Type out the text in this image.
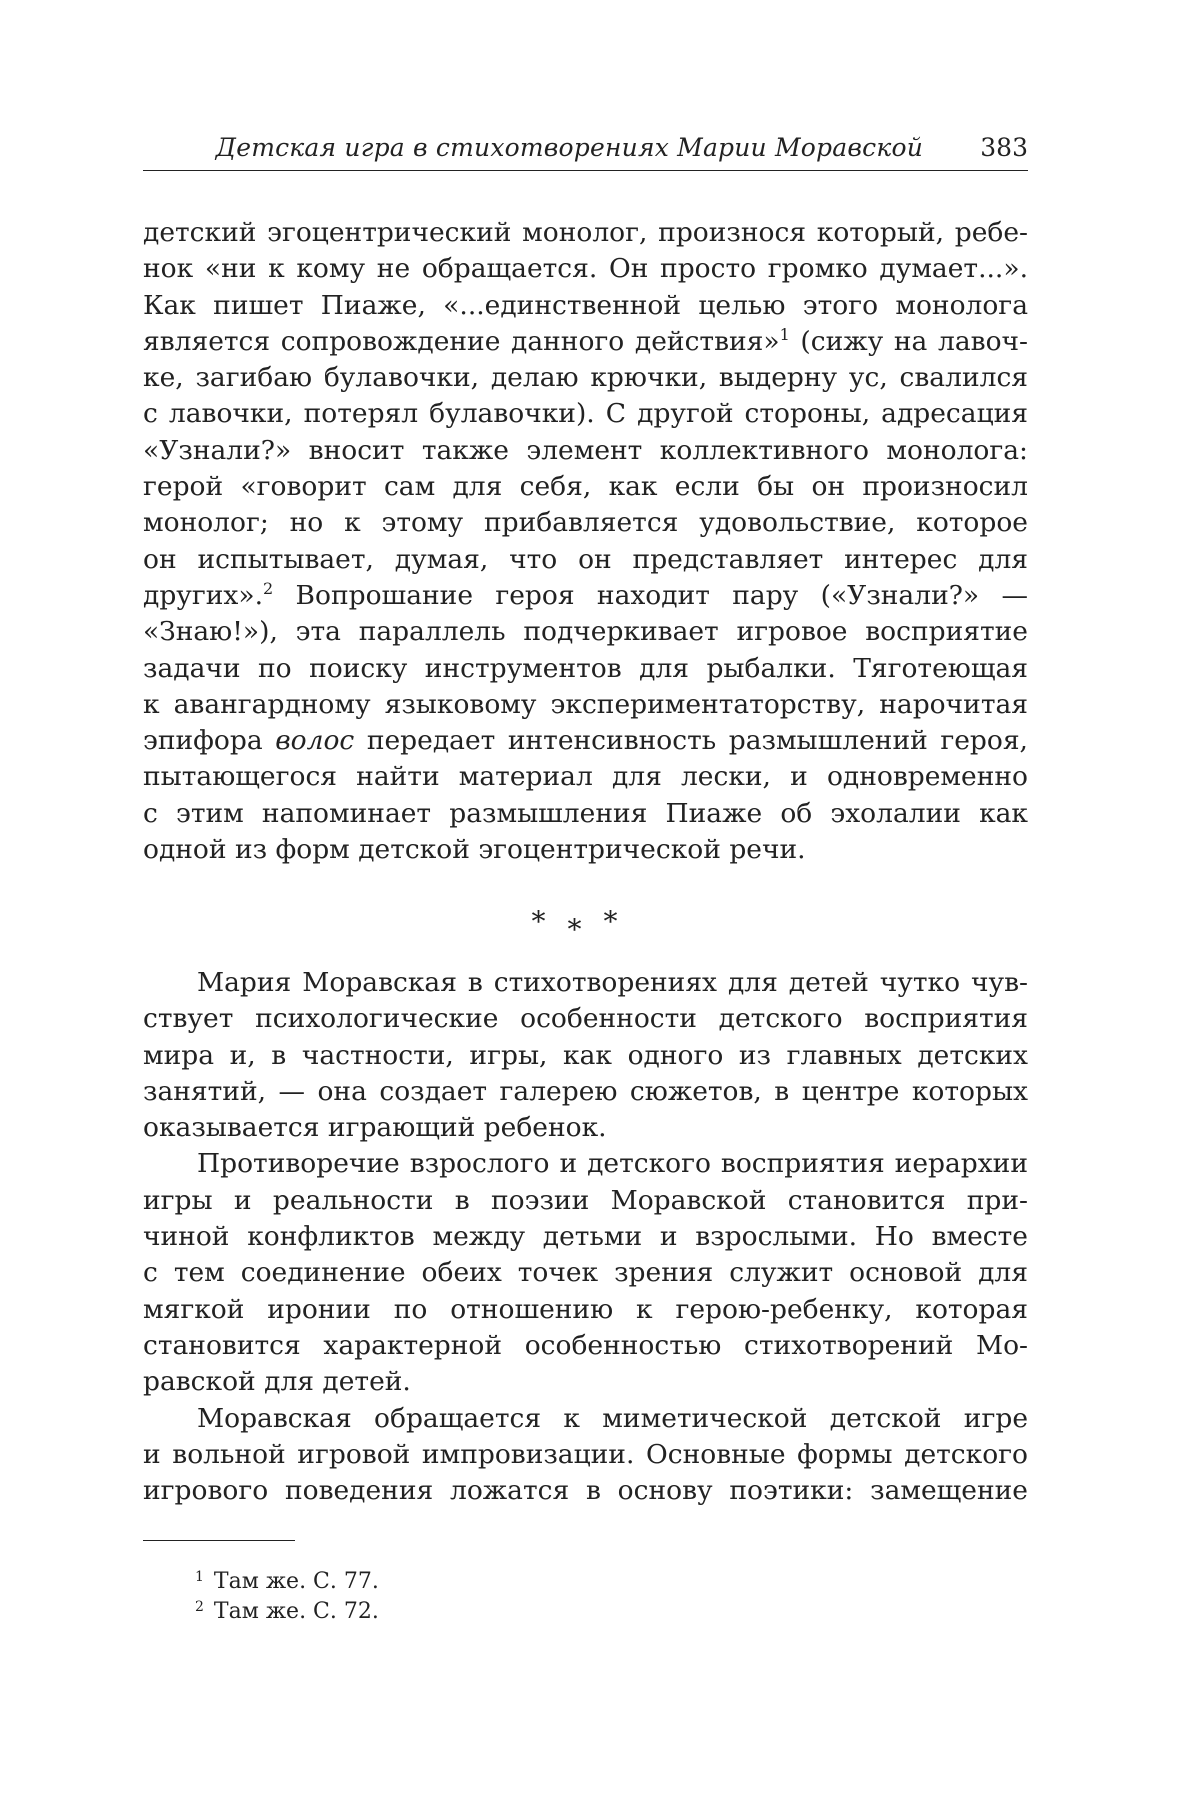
Детская игра в стихотворениях Марии Моравской 383
детский эгоцентрический монолог, произнося который, ребе-
нок «ни к кому не обращается. Он просто громко думает...».
Как пишет Пиаже, «...единственной целью этого монолога
является сопровождение данного действия»1 (сижу на лавоч-
ке, загибаю булавочки, делаю крючки, выдерну ус, свалился
с лавочки, потерял булавочки). С другой стороны, адресация
«Узнали?» вносит также элемент коллективного монолога:
герой «говорит сам для себя, как если бы он произносил
монолог; но к этому прибавляется удовольствие, которое
он испытывает, думая, что он представляет интерес для
других».2 Вопрошание героя находит пару («Узнали?» —
«Знаю!»), эта параллель подчеркивает игровое восприятие
задачи по поиску инструментов для рыбалки. Тяготеющая
к авангардному языковому экспериментаторству, нарочитая
эпифора волос передает интенсивность размышлений героя,
пытающегося найти материал для лески, и одновременно
с этим напоминает размышления Пиаже об эхолалии как
одной из форм детской эгоцентрической речи.
***
Мария Моравская в стихотворениях для детей чутко чув-
ствует психологические особенности детского восприятия
мира и, в частности, игры, как одного из главных детских
занятий, — она создает галерею сюжетов, в центре которых
оказывается играющий ребенок.
Противоречие взрослого и детского восприятия иерархии
игры и реальности в поэзии Моравской становится при-
чиной конфликтов между детьми и взрослыми. Но вместе
с тем соединение обеих точек зрения служит основой для
мягкой иронии по отношению к герою-ребенку, которая
становится характерной особенностью стихотворений Мо-
равской для детей.
Моравская обращается к миметической детской игре
и вольной игровой импровизации. Основные формы детского
игрового поведения ложатся в основу поэтики: замещение
1 Там же. С. 77.
2 Там же. С. 72.
